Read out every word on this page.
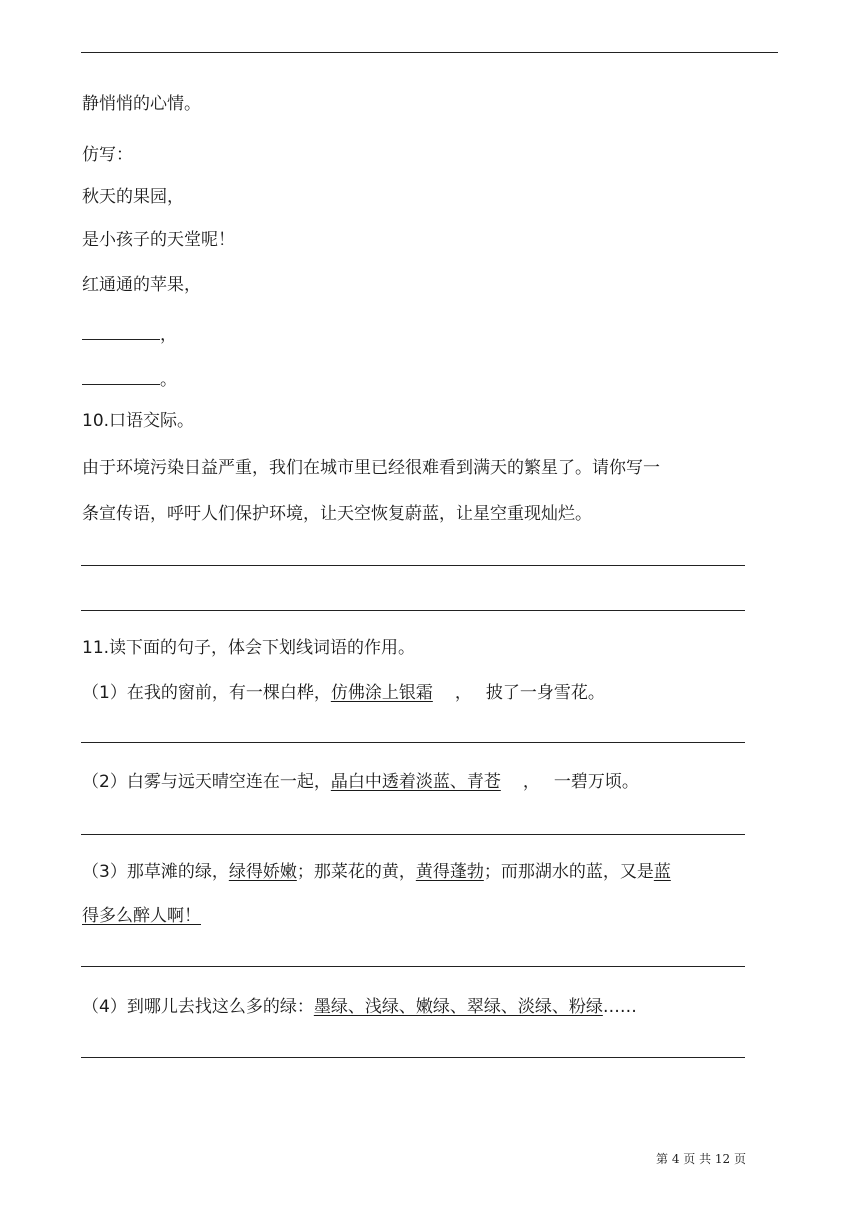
静悄悄的心情。
仿写：
秋天的果园，
是小孩子的天堂呢！
红通通的苹果，
，
。
10.口语交际。
由于环境污染日益严重，我们在城市里已经很难看到满天的繁星了。请你写一
条宣传语，呼吁人们保护环境，让天空恢复蔚蓝，让星空重现灿烂。
11.读下面的句子，体会下划线词语的作用。
（1）在我的窗前，有一棵白桦，仿佛涂上银霜 ， 披了一身雪花。
（2）白雾与远天晴空连在一起，晶白中透着淡蓝、青苍 ， 一碧万顷。
（3）那草滩的绿，绿得娇嫩；那菜花的黄，黄得蓬勃；而那湖水的蓝，又是蓝
得多么醉人啊！
（4）到哪儿去找这么多的绿：墨绿、浅绿、嫩绿、翠绿、淡绿、粉绿……
第 4 页 共 12 页
